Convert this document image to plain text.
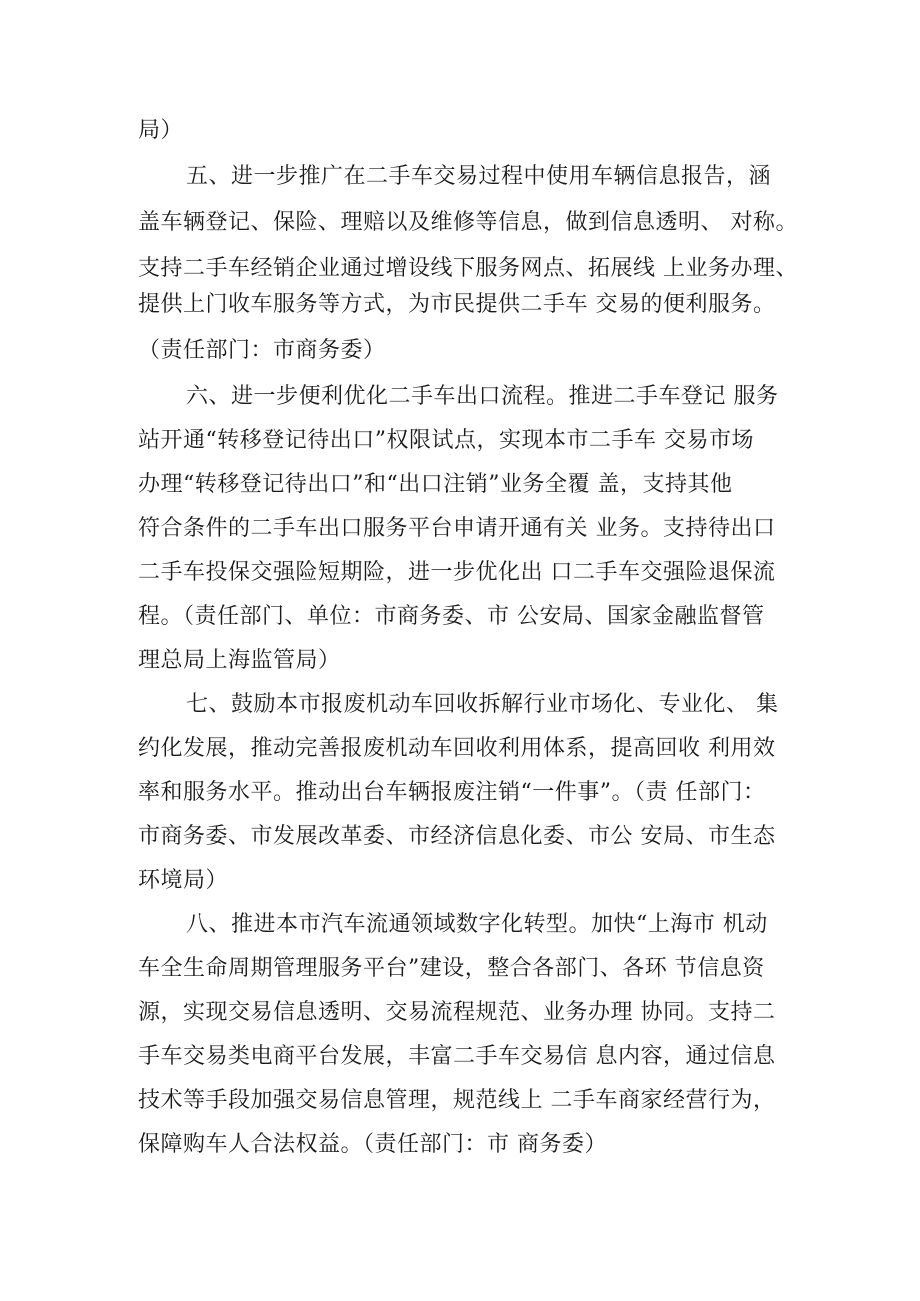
局）
五、进一步推广在二手车交易过程中使用车辆信息报告，涵
盖车辆登记、保险、理赔以及维修等信息，做到信息透明、 对称。
支持二手车经销企业通过增设线下服务网点、拓展线 上业务办理、
提供上门收车服务等方式，为市民提供二手车 交易的便利服务。
（责任部门：市商务委）
六、进一步便利优化二手车出口流程。推进二手车登记 服务
站开通“转移登记待出口”权限试点，实现本市二手车 交易市场
办理“转移登记待出口”和“出口注销”业务全覆 盖，支持其他
符合条件的二手车出口服务平台申请开通有关 业务。支持待出口
二手车投保交强险短期险，进一步优化出 口二手车交强险退保流
程。（责任部门、单位：市商务委、市 公安局、国家金融监督管
理总局上海监管局）
七、鼓励本市报废机动车回收拆解行业市场化、专业化、 集
约化发展，推动完善报废机动车回收利用体系，提高回收 利用效
率和服务水平。推动出台车辆报废注销“一件事”。（责 任部门：
市商务委、市发展改革委、市经济信息化委、市公 安局、市生态
环境局）
八、推进本市汽车流通领域数字化转型。加快“上海市 机动
车全生命周期管理服务平台”建设，整合各部门、各环 节信息资
源，实现交易信息透明、交易流程规范、业务办理 协同。支持二
手车交易类电商平台发展，丰富二手车交易信 息内容，通过信息
技术等手段加强交易信息管理，规范线上 二手车商家经营行为，
保障购车人合法权益。（责任部门：市 商务委）
